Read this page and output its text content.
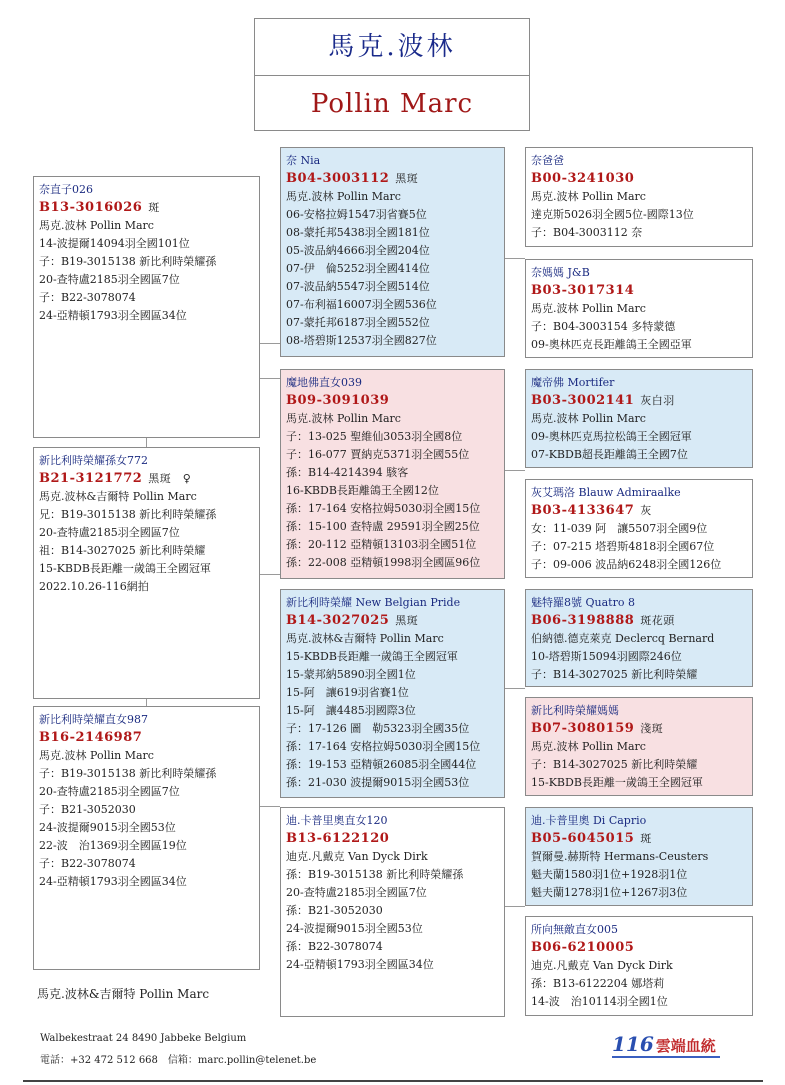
馬克.波林
Pollin Marc
奈直子026
B13-3016026 斑
馬克.波林 Pollin Marc
14-波提爾14094羽全國101位
子：B19-3015138 新比利時榮耀孫
20-查特盧2185羽全國區7位
子：B22-3078074
24-亞精頓1793羽全國區34位
新比利時榮耀孫女772
B21-3121772 黑斑　♀
馬克.波林&吉爾特 Pollin Marc
兄：B19-3015138 新比利時榮耀孫
20-查特盧2185羽全國區7位
祖：B14-3027025 新比利時榮耀
15-KBDB長距離一歲鴿王全國冠軍
2022.10.26-116網拍
新比利時榮耀直女987
B16-2146987
馬克.波林 Pollin Marc
子：B19-3015138 新比利時榮耀孫
20-查特盧2185羽全國區7位
子：B21-3052030
24-波提爾9015羽全國53位
22-波　治1369羽全國區19位
子：B22-3078074
24-亞精頓1793羽全國區34位
奈 Nia
B04-3003112 黑斑
馬克.波林 Pollin Marc
06-安格拉姆1547羽省賽5位
08-蒙托邦5438羽全國181位
05-波品納4666羽全國204位
07-伊　倫5252羽全國414位
07-波品納5547羽全國514位
07-布利福16007羽全國536位
07-蒙托邦6187羽全國552位
08-塔碧斯12537羽全國827位
魔地佛直女039
B09-3091039
馬克.波林 Pollin Marc
子：13-025 聖維仙3053羽全國8位
子：16-077 賈納克5371羽全國55位
孫：B14-4214394 駭客
16-KBDB長距離鴿王全國12位
孫：17-164 安格拉姆5030羽全國15位
孫：15-100 查特盧 29591羽全國25位
孫：20-112 亞精頓13103羽全國51位
孫：22-008 亞精頓1998羽全國區96位
新比利時榮耀 New Belgian Pride
B14-3027025 黑斑
馬克.波林&吉爾特 Pollin Marc
15-KBDB長距離一歲鴿王全國冠軍
15-蒙邦納5890羽全國1位
15-阿　讓619羽省賽1位
15-阿　讓4485羽國際3位
子：17-126 圖　勒5323羽全國35位
孫：17-164 安格拉姆5030羽全國15位
孫：19-153 亞精頓26085羽全國44位
孫：21-030 波提爾9015羽全國53位
迪.卡普里奧直女120
B13-6122120
迪克.凡戴克 Van Dyck Dirk
孫：B19-3015138 新比利時榮耀孫
20-查特盧2185羽全國區7位
孫：B21-3052030
24-波提爾9015羽全國53位
孫：B22-3078074
24-亞精頓1793羽全國區34位
奈爸爸
B00-3241030
馬克.波林 Pollin Marc
達克斯5026羽全國5位-國際13位
子：B04-3003112 奈
奈媽媽 J&B
B03-3017314
馬克.波林 Pollin Marc
子：B04-3003154 多特蒙德
09-奧林匹克長距離鴿王全國亞軍
魔帝佛 Mortifer
B03-3002141 灰白羽
馬克.波林 Pollin Marc
09-奧林匹克馬拉松鴿王全國冠軍
07-KBDB超長距離鴿王全國7位
灰艾瑪洛 Blauw Admiraalke
B03-4133647 灰
女：11-039 阿　讓5507羽全國9位
子：07-215 塔碧斯4818羽全國67位
子：09-006 波品納6248羽全國126位
魅特羅8號 Quatro 8
B06-3198888 斑花頭
伯納德.德克萊克 Declercq Bernard
10-塔碧斯15094羽國際246位
子：B14-3027025 新比利時榮耀
新比利時榮耀媽媽
B07-3080159 淺斑
馬克.波林 Pollin Marc
子：B14-3027025 新比利時榮耀
15-KBDB長距離一歲鴿王全國冠軍
迪.卡普里奧 Di Caprio
B05-6045015 斑
賀爾曼.赫斯特 Hermans-Ceusters
魁夫蘭1580羽1位+1928羽1位
魁夫蘭1278羽1位+1267羽3位
所向無敵直女005
B06-6210005
迪克.凡戴克 Van Dyck Dirk
孫：B13-6122204 娜塔莉
14-波　治10114羽全國1位
馬克.波林&吉爾特 Pollin Marc
Walbekestraat 24 8490 Jabbeke Belgium
電話：+32 472 512 668　信箱：marc.pollin@telenet.be
116 雲端血統
